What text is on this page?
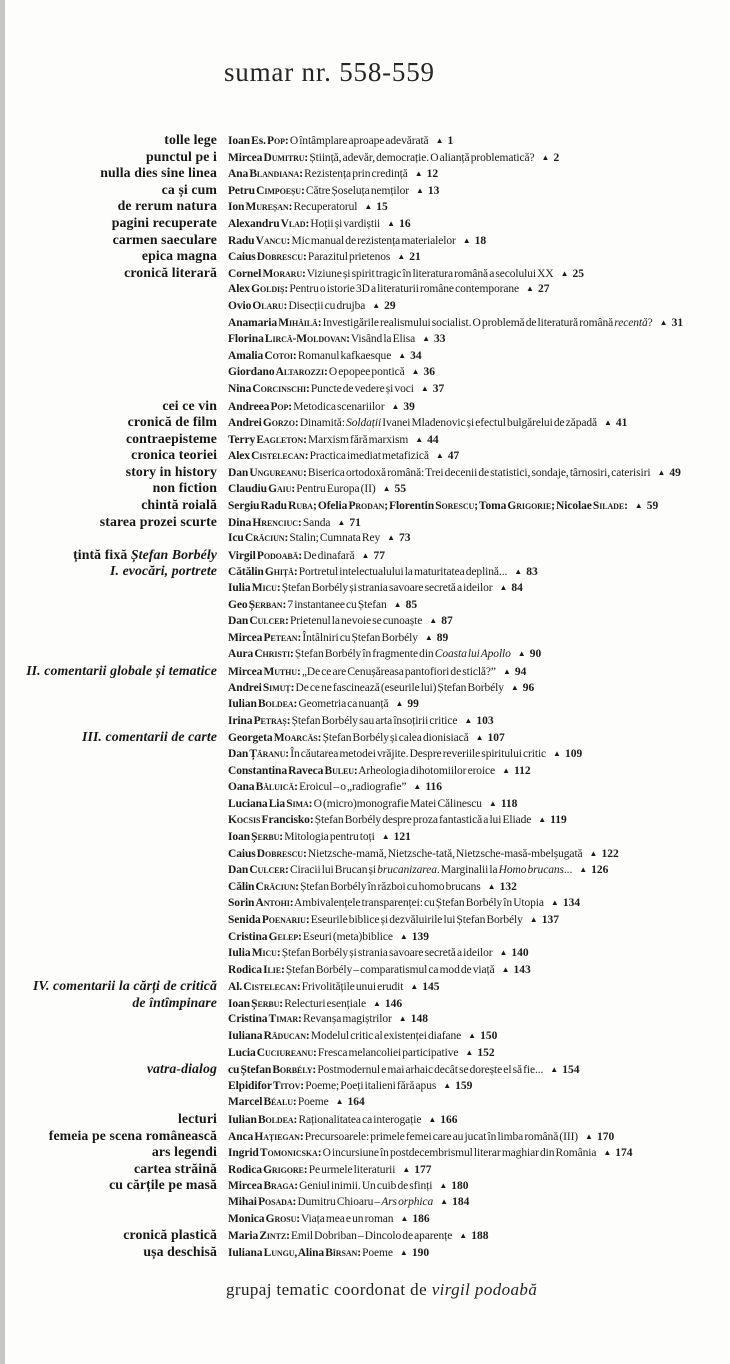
sumar nr. 558-559
tolle lege Ioan Es. Pop: O întâmplare aproape adevărată ▲ 1
punctul pe i Mircea Dumitru: Știință, adevăr, democrație. O alianță problematică? ▲ 2
nulla dies sine linea Ana Blandiana: Rezistența prin credință ▲ 12
ca și cum Petru Cimpoeșu: Către Șoseluța nemților ▲ 13
de rerum natura Ion Mureșan: Recuperatorul ▲ 15
pagini recuperate Alexandru Vlad: Hoții și vardiștii ▲ 16
carmen saeculare Radu Vancu: Mic manual de rezistența materialelor ▲ 18
epica magna Caius Dobrescu: Parazitul prietenos ▲ 21
cronică literară Cornel Moraru: Viziune și spirit tragic în literatura română a secolului XX ▲ 25
Alex Goldiș: Pentru o istorie 3D a literaturii române contemporane ▲ 27
Ovio Olaru: Disecții cu drujba ▲ 29
Anamaria Mihăilă: Investigările realismului socialist. O problemă de literatură română recentă? ▲ 31
Florina Lircă-Moldovan: Visând la Elisa ▲ 33
Amalia Cotoi: Romanul kafkaesque ▲ 34
Giordano Altarozzi: O epopee pontică ▲ 36
Nina Corcinschi: Puncte de vedere și voci ▲ 37
cei ce vin Andreea Pop: Metodica scenariilor ▲ 39
cronică de film Andrei Gorzo: Dinamită: Soldații Ivanei Mladenovic și efectul bulgărelui de zăpadă ▲ 41
contraepisteme Terry Eagleton: Marxism fără marxism ▲ 44
cronica teoriei Alex Cistelecan: Practica imediat metafizică ▲ 47
story in history Dan Ungureanu: Biserica ortodoxă română: Trei decenii de statistici, sondaje, târnosiri, caterisiri ▲ 49
non fiction Claudiu Gaiu: Pentru Europa (II) ▲ 55
chintă roială Sergiu Radu Ruba; Ofelia Prodan; Florentin Sorescu; Toma Grigorie; Nicolae Silade: ▲ 59
starea prozei scurte Dina Hrenciuc: Sanda ▲ 71
Icu Crăciun: Stalin; Cumnata Rey ▲ 73
țintă fixă Ștefan Borbély Virgil Podoabă: De dinafară ▲ 77
I. evocări, portrete Cătălin Ghiță: Portretul intelectualului la maturitatea deplină... ▲ 83
Iulia Micu: Ștefan Borbély și strania savoare secretă a ideilor ▲ 84
Geo Șerban: 7 instantanee cu Ștefan ▲ 85
Dan Culcer: Prietenul la nevoie se cunoaște ▲ 87
Mircea Petean: Întâlniri cu Ștefan Borbély ▲ 89
Aura Christi: Ștefan Borbély în fragmente din Coasta lui Apollo ▲ 90
II. comentarii globale și tematice Mircea Muthu: „De ce are Cenușăreasa pantofiori de sticlă?” ▲ 94
Andrei Simuț: De ce ne fascinează (eseurile lui) Ștefan Borbély ▲ 96
Iulian Boldea: Geometria ca nuanță ▲ 99
Irina Petraș: Ștefan Borbély sau arta însoțirii critice ▲ 103
III. comentarii de carte Georgeta Moarcăs: Ștefan Borbély și calea dionisiacă ▲ 107
Dan Țăranu: În căutarea metodei vrăjite. Despre reveriile spiritului critic ▲ 109
Constantina Raveca Buleu: Arheologia dihotomiilor eroice ▲ 112
Oana Băluică: Eroicul – o „radiografie” ▲ 116
Luciana Lia Sima: O (micro)monografie Matei Călinescu ▲ 118
Kocsis Francisko: Ștefan Borbély despre proza fantastică a lui Eliade ▲ 119
Ioan Șerbu: Mitologia pentru toți ▲ 121
Caius Dobrescu: Nietzsche-mamă, Nietzsche-tată, Nietzsche-masă-mbelșugată ▲ 122
Dan Culcer: Ciracii lui Brucan și brucanizarea. Marginalii la Homo brucans... ▲ 126
Călin Crăciun: Ștefan Borbély în război cu homo brucans ▲ 132
Sorin Antohi: Ambivalențele transparenței: cu Ștefan Borbély în Utopia ▲ 134
Senida Poenariu: Eseurile biblice și dezvăluirile lui Ștefan Borbély ▲ 137
Cristina Gelep: Eseuri (meta)biblice ▲ 139
Iulia Micu: Ștefan Borbély și strania savoare secretă a ideilor ▲ 140
Rodica Ilie: Ștefan Borbély – comparatismul ca mod de viață ▲ 143
IV. comentarii la cărți de critică Al. Cistelecan: Frivolitățile unui erudit ▲ 145
de întîmpinare Ioan Șerbu: Relecturi esențiale ▲ 146
Cristina Timar: Revanșa magiștrilor ▲ 148
Iuliana Răducan: Modelul critic al existenței diafane ▲ 150
Lucia Cuciureanu: Fresca melancoliei participative ▲ 152
vatra-dialog cu Ștefan Borbély: Postmodernul e mai arhaic decât se dorește el să fie... ▲ 154
Elpidifor Titov: Poeme; Poeți italieni fără apus ▲ 159
Marcel Béalu: Poeme ▲ 164
lecturi Iulian Boldea: Raționalitatea ca interogație ▲ 166
femeia pe scena românească Anca Hațiegan: Precursoarele: primele femei care au jucat în limba română (III) ▲ 170
ars legendi Ingrid Tomonicska: O incursiune în postdecembrismul literar maghiar din România ▲ 174
cartea străină Rodica Grigore: Pe urmele literaturii ▲ 177
cu cărțile pe masă Mircea Braga: Geniul inimii. Un cuib de sfinți ▲ 180
Mihai Posada: Dumitru Chioaru – Ars orphica ▲ 184
Monica Grosu: Viața mea e un roman ▲ 186
cronică plastică Maria Zintz: Emil Dobriban – Dincolo de aparențe ▲ 188
ușa deschisă Iuliana Lungu, Alina Bîrsan: Poeme ▲ 190
grupaj tematic coordonat de virgil podoabă
